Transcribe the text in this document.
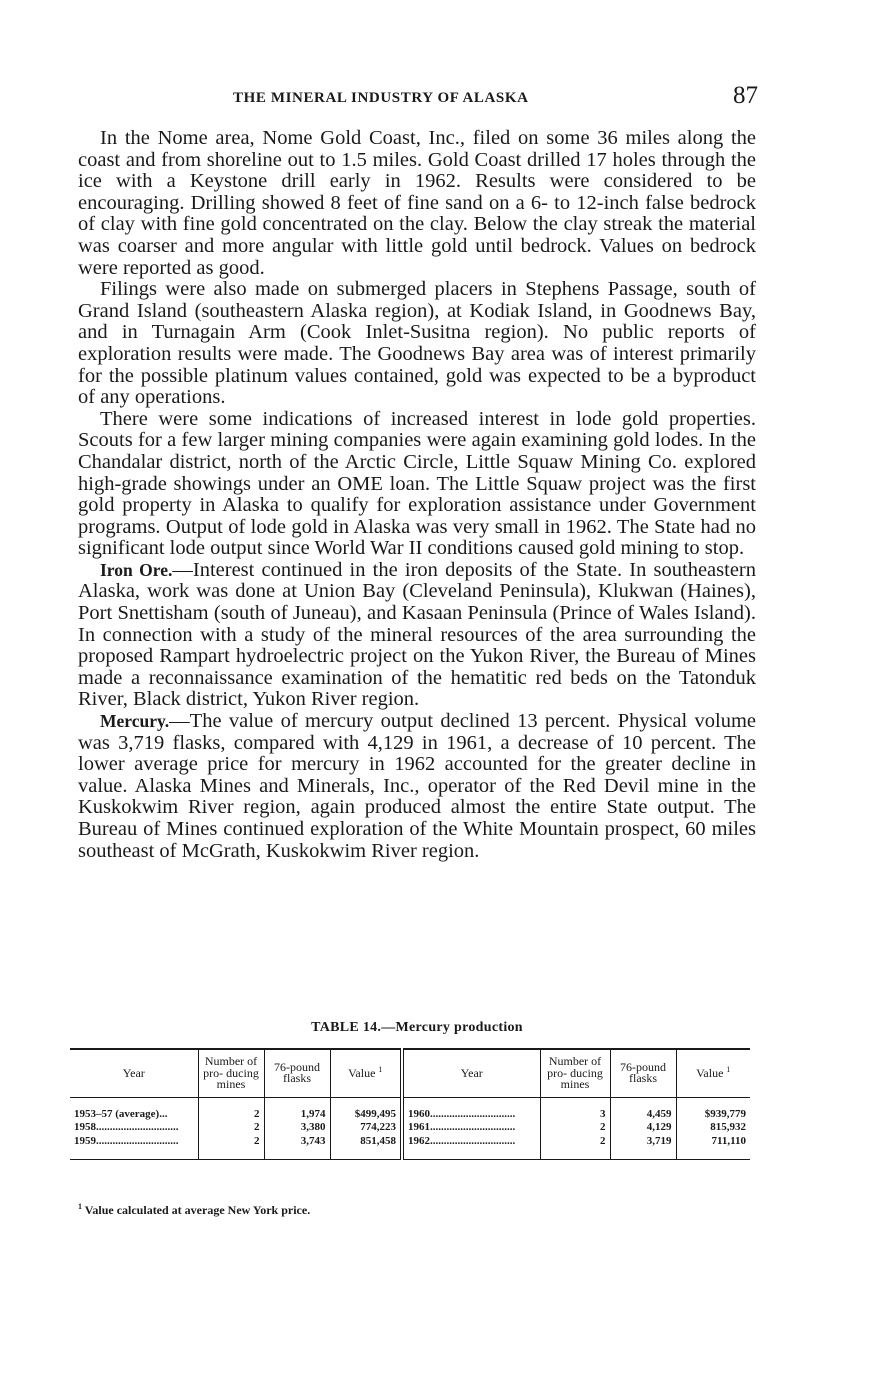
THE MINERAL INDUSTRY OF ALASKA	87

In the Nome area, Nome Gold Coast, Inc., filed on some 36 miles along the coast and from shoreline out to 1.5 miles. Gold Coast drilled 17 holes through the ice with a Keystone drill early in 1962. Results were considered to be encouraging. Drilling showed 8 feet of fine sand on a 6- to 12-inch false bedrock of clay with fine gold concentrated on the clay. Below the clay streak the material was coarser and more angular with little gold until bedrock. Values on bedrock were reported as good.

Filings were also made on submerged placers in Stephens Passage, south of Grand Island (southeastern Alaska region), at Kodiak Island, in Goodnews Bay, and in Turnagain Arm (Cook Inlet-Susitna region). No public reports of exploration results were made. The Goodnews Bay area was of interest primarily for the possible platinum values contained, gold was expected to be a byproduct of any operations.

There were some indications of increased interest in lode gold properties. Scouts for a few larger mining companies were again examining gold lodes. In the Chandalar district, north of the Arctic Circle, Little Squaw Mining Co. explored high-grade showings under an OME loan. The Little Squaw project was the first gold property in Alaska to qualify for exploration assistance under Government programs. Output of lode gold in Alaska was very small in 1962. The State had no significant lode output since World War II conditions caused gold mining to stop.

Iron Ore.—Interest continued in the iron deposits of the State. In southeastern Alaska, work was done at Union Bay (Cleveland Peninsula), Klukwan (Haines), Port Snettisham (south of Juneau), and Kasaan Peninsula (Prince of Wales Island). In connection with a study of the mineral resources of the area surrounding the proposed Rampart hydroelectric project on the Yukon River, the Bureau of Mines made a reconnaissance examination of the hematitic red beds on the Tatonduk River, Black district, Yukon River region.

Mercury.—The value of mercury output declined 13 percent. Physical volume was 3,719 flasks, compared with 4,129 in 1961, a decrease of 10 percent. The lower average price for mercury in 1962 accounted for the greater decline in value. Alaska Mines and Minerals, Inc., operator of the Red Devil mine in the Kuskokwim River region, again produced almost the entire State output. The Bureau of Mines continued exploration of the White Mountain prospect, 60 miles southeast of McGrath, Kuskokwim River region.

TABLE 14.—Mercury production
Year	Number of pro- ducing mines	76-pound flasks	Value $^1$	Year	Number of pro- ducing mines	76-pound flasks	Value $^1$
1953–57 (average)...	2	1,974	$499,495	1960...............................	3	4,459	$939,779
1958..............................	2	3,380	774,223	1961...............................	2	4,129	815,932
1959..............................	2	3,743	851,458	1962...............................	2	3,719	711,110
$^1$ Value calculated at average New York price.
